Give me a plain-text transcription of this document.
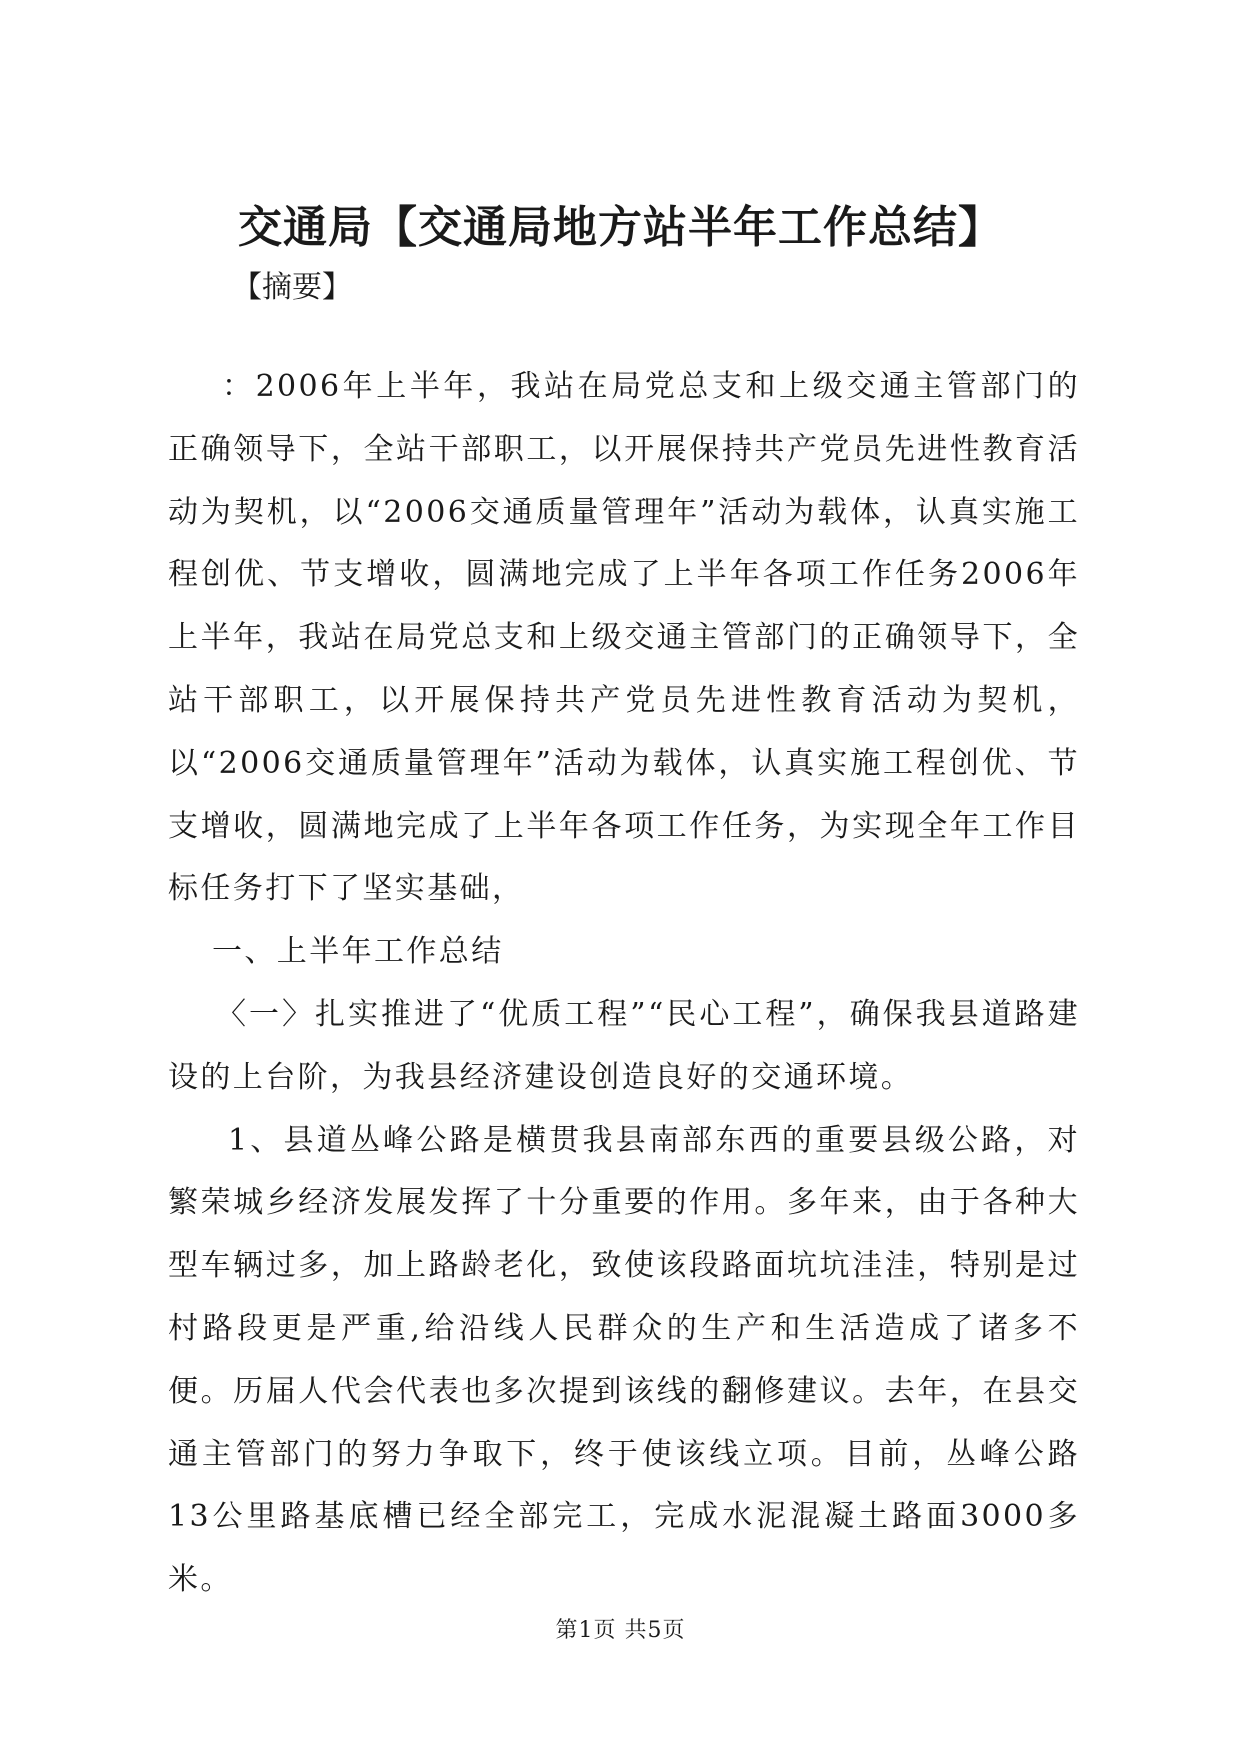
交通局【交通局地方站半年工作总结】
【摘要】

：2006年上半年，我站在局党总支和上级交通主管部门的正确领导下，全站干部职工，以开展保持共产党员先进性教育活动为契机，以“2006交通质量管理年”活动为载体，认真实施工程创优、节支增收，圆满地完成了上半年各项工作任务2006年上半年，我站在局党总支和上级交通主管部门的正确领导下，全站干部职工，以开展保持共产党员先进性教育活动为契机，以“2006交通质量管理年”活动为载体，认真实施工程创优、节支增收，圆满地完成了上半年各项工作任务，为实现全年工作目标任务打下了坚实基础，

一、上半年工作总结

〈一〉扎实推进了“优质工程”“民心工程”，确保我县道路建设的上台阶，为我县经济建设创造良好的交通环境。

1、县道丛峰公路是横贯我县南部东西的重要县级公路，对繁荣城乡经济发展发挥了十分重要的作用。多年来，由于各种大型车辆过多，加上路龄老化，致使该段路面坑坑洼洼，特别是过村路段更是严重,给沿线人民群众的生产和生活造成了诸多不便。历届人代会代表也多次提到该线的翻修建议。去年，在县交通主管部门的努力争取下，终于使该线立项。目前，丛峰公路13公里路基底槽已经全部完工，完成水泥混凝土路面3000多米。

第1页 共5页
